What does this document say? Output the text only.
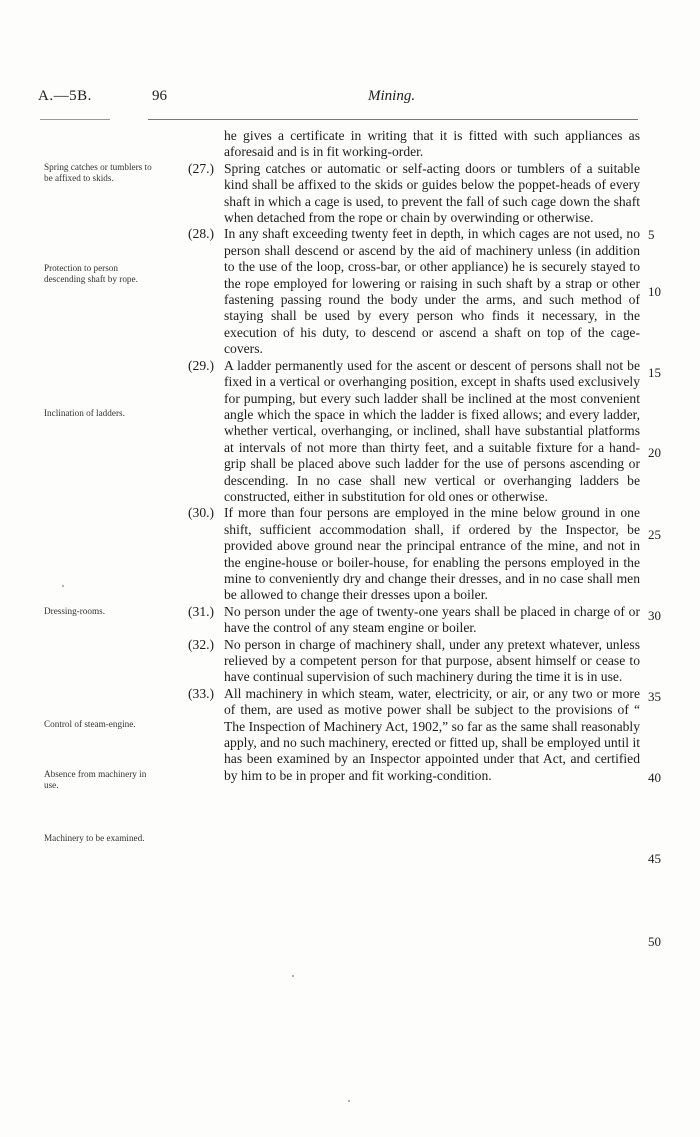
A.—5B.	96	Mining.
Spring catches or tumblers to be affixed to skids.
Protection to person descending shaft by rope.
Inclination of ladders.
Dressing-rooms.
Control of steam-engine.
Absence from machinery in use.
Machinery to be examined.

he gives a certificate in writing that it is fitted with such appliances as aforesaid and is in fit working-order.

(27.) Spring catches or automatic or self-acting doors or tumblers of a suitable kind shall be affixed to the skids or guides below the poppet-heads of every shaft in which a cage is used, to prevent the fall of such cage down the shaft when detached from the rope or chain by overwinding or otherwise.

(28.) In any shaft exceeding twenty feet in depth, in which cages are not used, no person shall descend or ascend by the aid of machinery unless (in addition to the use of the loop, cross-bar, or other appliance) he is securely stayed to the rope employed for lowering or raising in such shaft by a strap or other fastening passing round the body under the arms, and such method of staying shall be used by every person who finds it necessary, in the execution of his duty, to descend or ascend a shaft on top of the cage-covers.

(29.) A ladder permanently used for the ascent or descent of persons shall not be fixed in a vertical or overhanging position, except in shafts used exclusively for pumping, but every such ladder shall be inclined at the most convenient angle which the space in which the ladder is fixed allows; and every ladder, whether vertical, overhanging, or inclined, shall have substantial platforms at intervals of not more than thirty feet, and a suitable fixture for a hand-grip shall be placed above such ladder for the use of persons ascending or descending. In no case shall new vertical or overhanging ladders be constructed, either in substitution for old ones or otherwise.

(30.) If more than four persons are employed in the mine below ground in one shift, sufficient accommodation shall, if ordered by the Inspector, be provided above ground near the principal entrance of the mine, and not in the engine-house or boiler-house, for enabling the persons employed in the mine to conveniently dry and change their dresses, and in no case shall men be allowed to change their dresses upon a boiler.

(31.) No person under the age of twenty-one years shall be placed in charge of or have the control of any steam engine or boiler.

(32.) No person in charge of machinery shall, under any pretext whatever, unless relieved by a competent person for that purpose, absent himself or cease to have continual supervision of such machinery during the time it is in use.

(33.) All machinery in which steam, water, electricity, or air, or any two or more of them, are used as motive power shall be subject to the provisions of “ The Inspection of Machinery Act, 1902,” so far as the same shall reasonably apply, and no such machinery, erected or fitted up, shall be employed until it has been examined by an Inspector appointed under that Act, and certified by him to be in proper and fit working-condition.

5
10
15
20
25
30
35
40
45
50
